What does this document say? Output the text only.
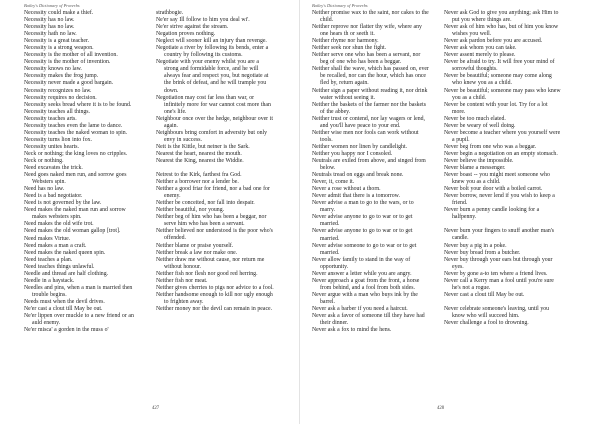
Bailey's Dictionary of Proverbs
Necessity could make a thief.
Necessity has no law.
Necessity has no law.
Necessity hath no law.
Necessity is a great teacher.
Necessity is a strong weapon.
Necessity is the mother of all invention.
Necessity is the mother of invention.
Necessity knows no law.
Necessity makes the frog jump.
Necessity never made a good bargain.
Necessity recognizes no law.
Necessity requires no decision.
Necessity seeks bread where it is to be found.
Necessity teaches all things.
Necessity teaches arts.
Necessity teaches even the lame to dance.
Necessity teaches the naked woman to spin.
Necessity turns lion into fox.
Necessity unites hearts.
Neck or nothing; the king loves no cripples.
Neck or nothing.
Need excavates the trick.
Need goes naked men run, and sorrow goes Websters spin.
Need has no law.
Need is a bad negotiator.
Need is not governed by the law.
Need makes the naked man run and sorrow makes websters spin.
Need makes the old wife trot.
Need makes the old woman gallop [trot].
Need makes Virtue.
Need makes a man a craft.
Need makes the naked queen spin.
Need teaches a plan.
Need teaches things unlawful.
Needle and thread are half clothing.
Needle in a haystack.
Needles and pins, when a man is married then trouble begins.
Needs must when the devil drives.
Ne'er cast a clout till May be out.
Ne'er lippen over muckle to a new friend or an auld enemy.
Ne'er misca' a gorden in the muss o'
strathbogie.
Ne'er say Ill follow to him you deal wi'.
Ne'er strive against the stream.
Negation proves nothing.
Neglect will sooner kill an injury than revenge.
Negotiate a river by following its bends, enter a country by following its customs.
Negotiate with your enemy whilst you are a strong and formidable force, and he will always fear and respect you, but negotiate at the brink of defeat, and he will trample you down.
Negotiation may cost far less than war, or infinitely more for war cannot cost more than one's life.
Neighbour once over the hedge, neighbour over it again.
Neighbours bring comfort in adversity but only envy in success.
Neit is the Kittle, but neiner is the Sark.
Nearest the heart, nearest the mouth.
Nearest the King, nearest the Widdie.
Neirest to the Kirk, farthest fra God.
Neither a borrower nor a lender be.
Neither a good friar for friend, nor a bad one for enemy.
Neither be conceited, nor fall into despair.
Neither beautiful, nor young.
Neither beg of him who has been a beggar, nor serve him who has been a servant.
Neither believed nor understood is the poor who's offended.
Neither blame or praise yourself.
Neither break a law nor make one.
Neither draw me without cause, nor return me without honour.
Neither fish nor flesh nor good red herring.
Neither fish nor meat.
Neither gives cherries to pigs nor advice to a fool.
Neither handsome enough to kill nor ugly enough to frighten away.
Neither money nor the devil can remain in peace.
427
Bailey's Dictionary of Proverbs
Neither promise wax to the saint, nor cakes to the child.
Neither reprove nor flatter thy wife, where any one hears th or seeth it.
Neither rhyme nor harmony.
Neither seek nor shun the fight.
Neither serve one who has been a servant, nor beg of one who has been a beggar.
Neither shall the wave, which has passed on, ever be recalled, nor can the hour, which has once fled by, return again.
Neither sign a paper without reading it, nor drink water without seeing it.
Neither the baskets of the farmer nor the baskets of the abbey.
Neither trust or contend, nor lay wagers or lend, and you'll have peace to your end.
Neither wise men nor fools can work without tools.
Neither women nor linen by candlelight.
Neither you happy nor I consoled.
Neutrals are exiled from above, and singed from below.
Neutrals tread on eggs and break none.
Never, it, come it.
Never a rose without a thorn.
Never admit that there is a tomorrow.
Never advise a man to go to the wars, or to marry.
Never advise anyone to go to war or to get married.
Never advise anyone to go to war or to get married.
Never advise someone to go to war or to get married.
Never allow family to stand in the way of opportunity.
Never answer a letter while you are angry.
Never approach a goat from the front, a horse from behind, and a fool from both sides.
Never argue with a man who buys ink by the barrel.
Never ask a barber if you need a haircut.
Never ask a favor of someone till they have had their dinner.
Never ask a fox to mind the hens.
Never ask God to give you anything; ask Him to put you where things are.
Never ask of him who has, but of him you know wishes you well.
Never ask pardon before you are accused.
Never ask whom you can take.
Never assent merely to please.
Never be afraid to try. It will free your mind of sorrowful thoughts.
Never be beautiful; someone may come along who knew you as a child.
Never be beautiful; someone may pass who knew you as a child.
Never be content with your lot. Try for a lot more.
Never be too much elated.
Never be weary of well doing.
Never become a teacher where you yourself were a pupil.
Never beg from one who was a beggar.
Never begin a negotiation on an empty stomach.
Never believe the impossible.
Never blame a messenger.
Never boast -- you might meet someone who knew you as a child.
Never bolt your door with a boiled carrot.
Never borrow, never lend if you wish to keep a friend.
Never burn a penny candle looking for a halfpenny.
Never burn your fingers to snuff another man's candle.
Never buy a pig in a poke.
Never buy bread from a butcher.
Never buy through your ears but through your eyes.
Never by gone a-to ten where a friend lives.
Never call a Kerry man a fool until you're sure he's not a rogue.
Never cast a clout till May be out.
Never celebrate someone's leaving, until you know who will succeed him.
Never challenge a fool to drowning.
428
